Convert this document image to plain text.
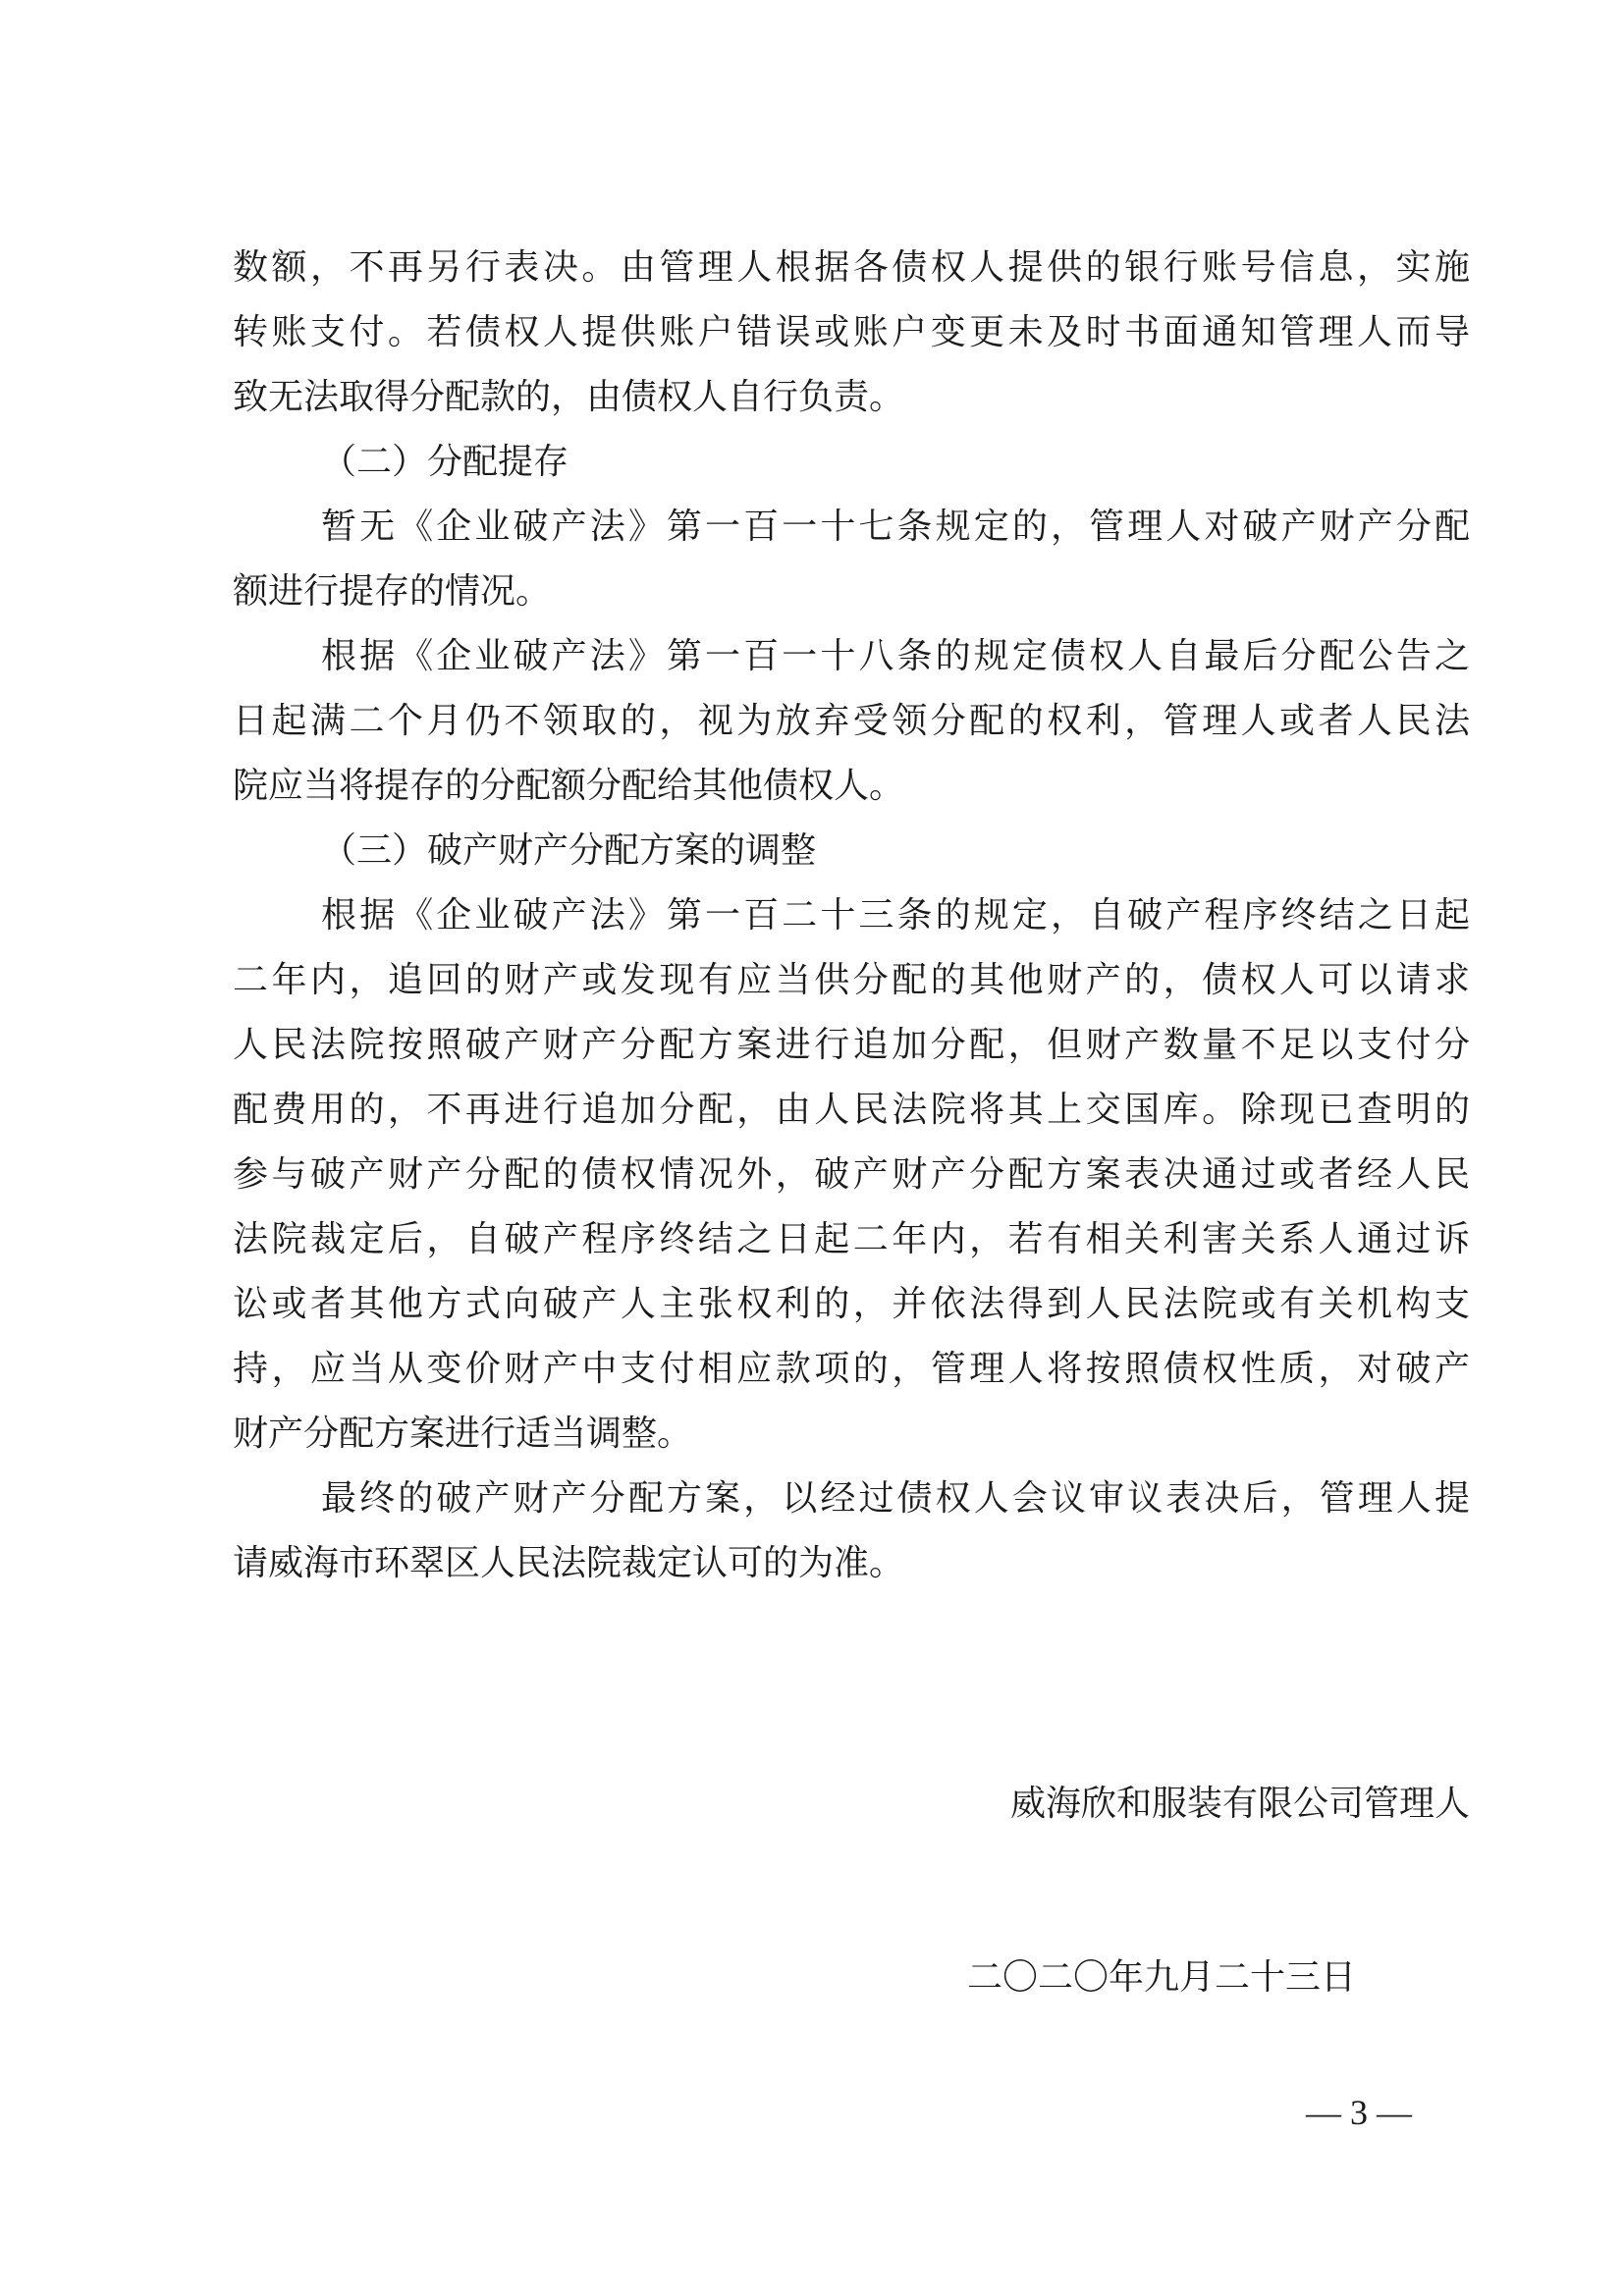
数额，不再另行表决。由管理人根据各债权人提供的银行账号信息，实施
转账支付。若债权人提供账户错误或账户变更未及时书面通知管理人而导
致无法取得分配款的，由债权人自行负责。
（二）分配提存
暂无《企业破产法》第一百一十七条规定的，管理人对破产财产分配
额进行提存的情况。
根据《企业破产法》第一百一十八条的规定债权人自最后分配公告之
日起满二个月仍不领取的，视为放弃受领分配的权利，管理人或者人民法
院应当将提存的分配额分配给其他债权人。
（三）破产财产分配方案的调整
根据《企业破产法》第一百二十三条的规定，自破产程序终结之日起
二年内，追回的财产或发现有应当供分配的其他财产的，债权人可以请求
人民法院按照破产财产分配方案进行追加分配，但财产数量不足以支付分
配费用的，不再进行追加分配，由人民法院将其上交国库。除现已查明的
参与破产财产分配的债权情况外，破产财产分配方案表决通过或者经人民
法院裁定后，自破产程序终结之日起二年内，若有相关利害关系人通过诉
讼或者其他方式向破产人主张权利的，并依法得到人民法院或有关机构支
持，应当从变价财产中支付相应款项的，管理人将按照债权性质，对破产
财产分配方案进行适当调整。
最终的破产财产分配方案，以经过债权人会议审议表决后，管理人提
请威海市环翠区人民法院裁定认可的为准。
威海欣和服装有限公司管理人
二〇二〇年九月二十三日
— 3 —
